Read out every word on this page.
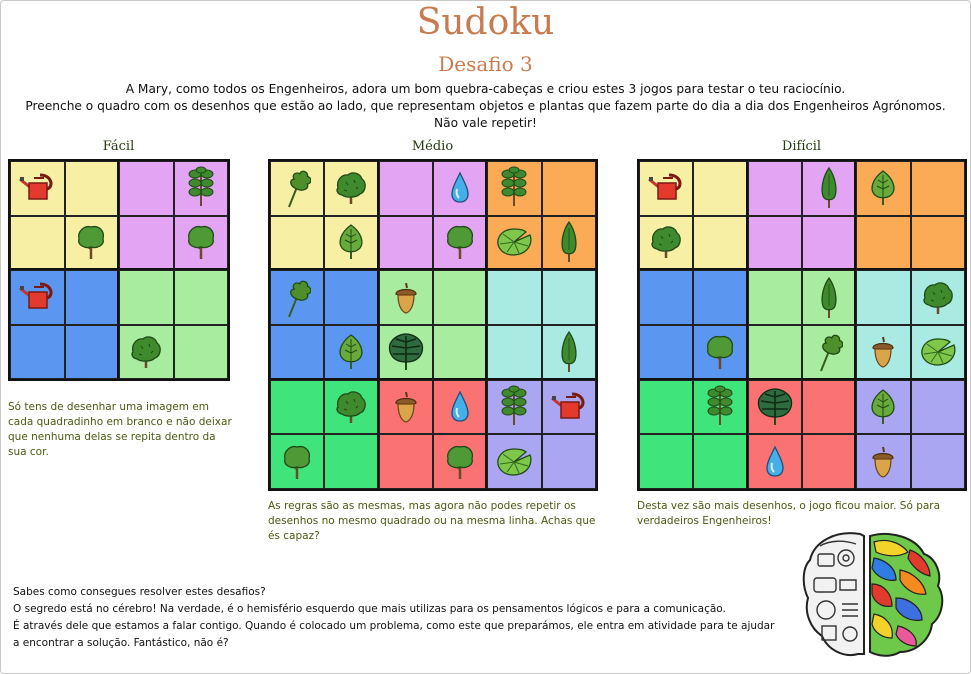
Sudoku
Desafio 3
A Mary, como todos os Engenheiros, adora um bom quebra-cabeças e criou estes 3 jogos para testar o teu raciocínio.
Preenche o quadro com os desenhos que estão ao lado, que representam objetos e plantas que fazem parte do dia a dia dos Engenheiros Agrónomos.
Não vale repetir!
Fácil
Só tens de desenhar uma imagem em
cada quadradinho em branco e não deixar
que nenhuma delas se repita dentro da
sua cor.
Médio
As regras são as mesmas, mas agora não podes repetir os
desenhos no mesmo quadrado ou na mesma linha. Achas que
és capaz?
Difícil
Desta vez são mais desenhos, o jogo ficou maior. Só para
verdadeiros Engenheiros!
Sabes como consegues resolver estes desafios?
O segredo está no cérebro! Na verdade, é o hemisfério esquerdo que mais utilizas para os pensamentos lógicos e para a comunicação.
É através dele que estamos a falar contigo. Quando é colocado um problema, como este que preparámos, ele entra em atividade para te ajudar
a encontrar a solução. Fantástico, não é?
